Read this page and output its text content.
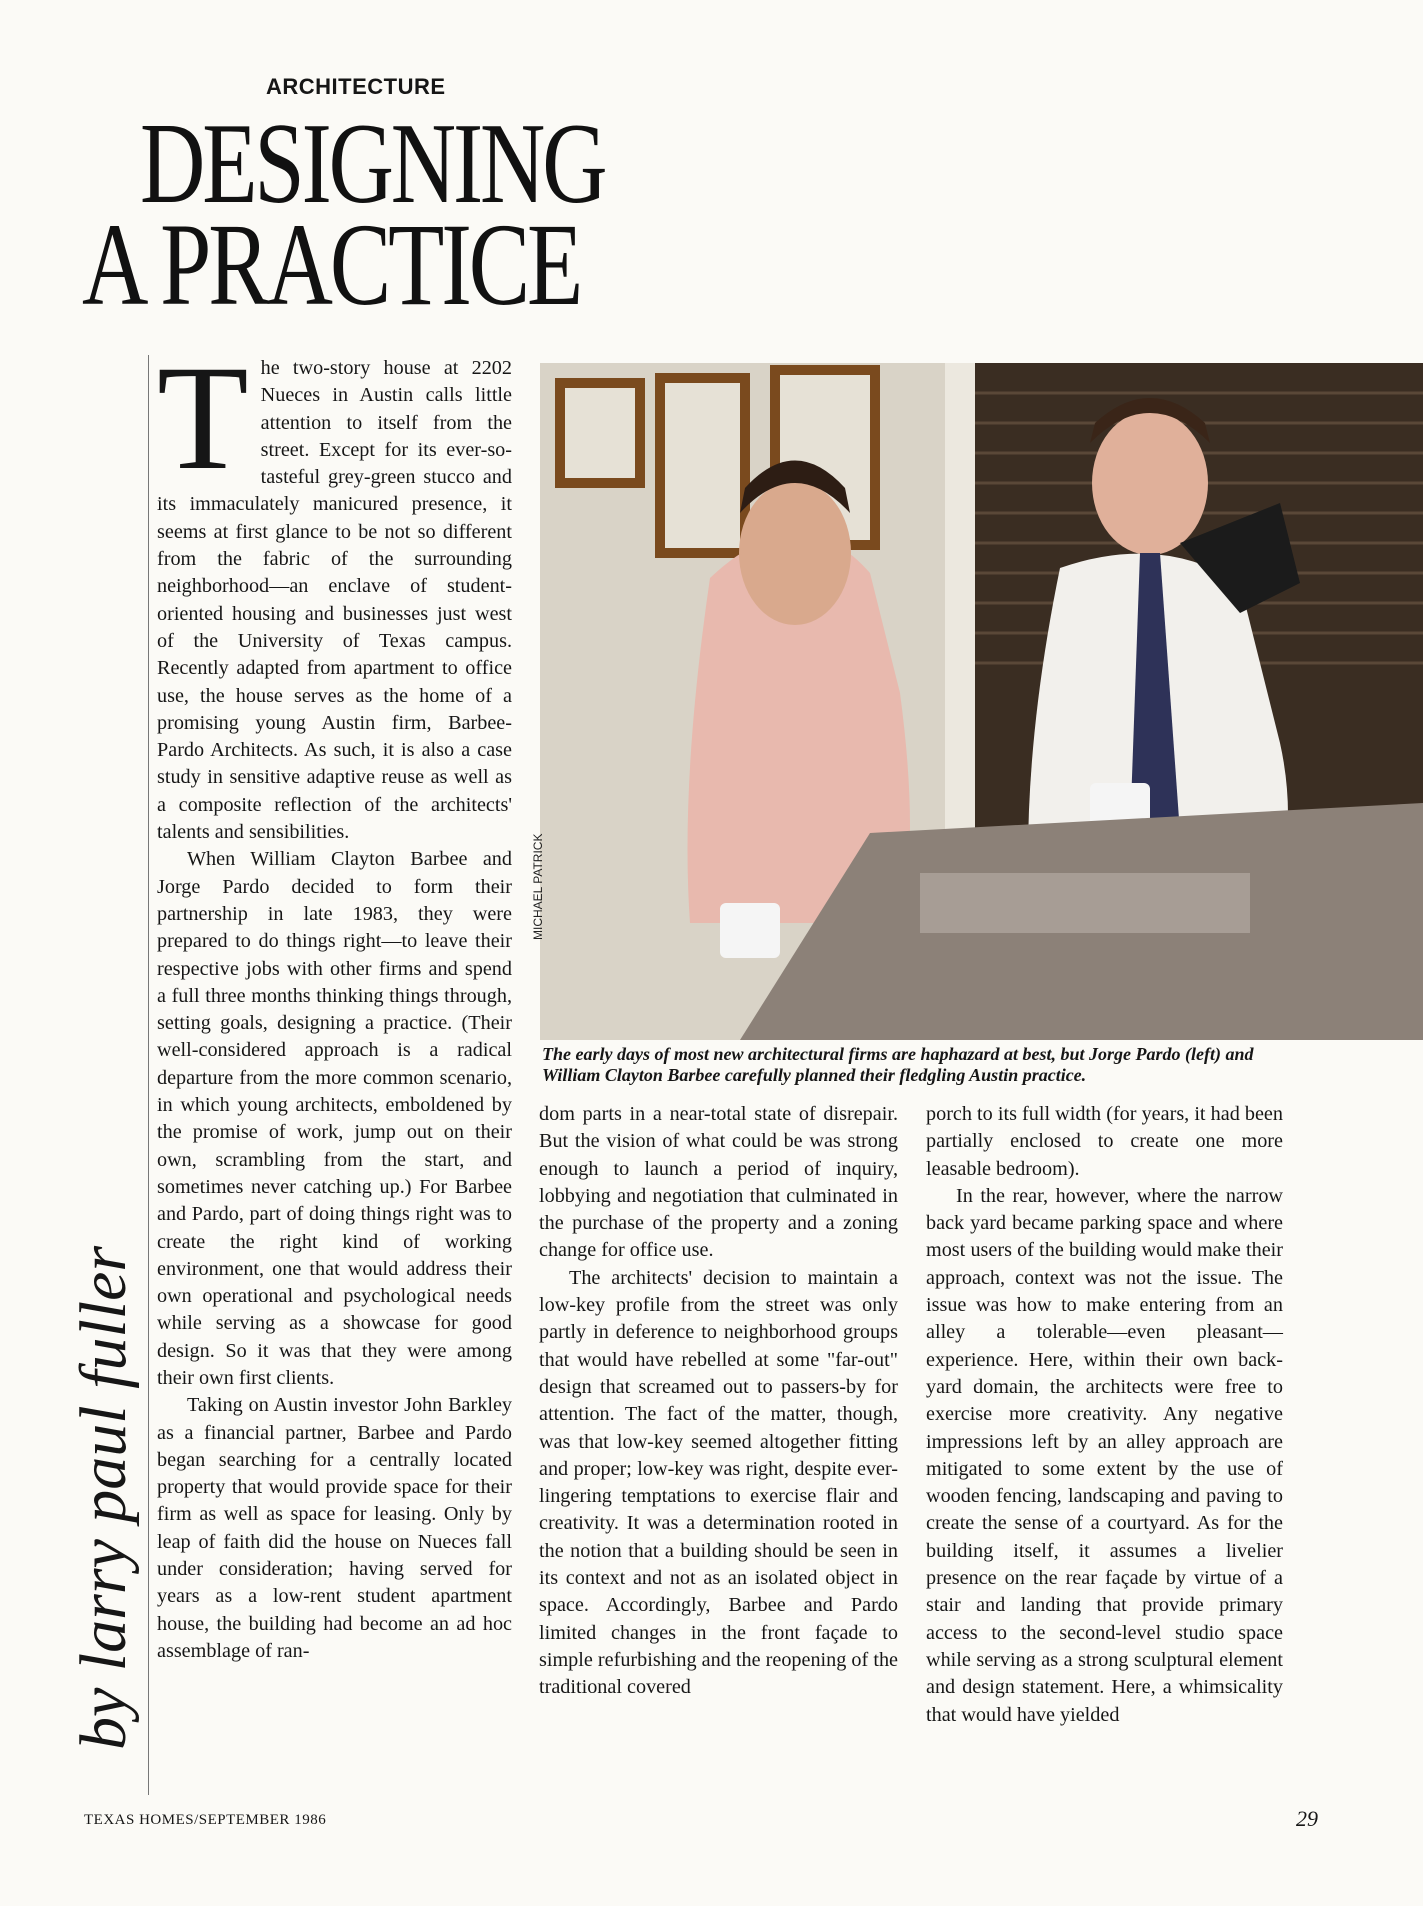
ARCHITECTURE
DESIGNING
A PRACTICE
by larry paul fuller

The two-story house at 2202 Nueces in Austin calls little attention to itself from the street. Except for its ever-so-tasteful grey-green stucco and its immaculately manicured presence, it seems at first glance to be not so different from the fabric of the surrounding neighborhood—an enclave of student-oriented housing and businesses just west of the University of Texas campus. Recently adapted from apartment to office use, the house serves as the home of a promising young Austin firm, Barbee-Pardo Architects. As such, it is also a case study in sensitive adaptive reuse as well as a composite reflection of the architects' talents and sensibilities.

When William Clayton Barbee and Jorge Pardo decided to form their partnership in late 1983, they were prepared to do things right—to leave their respective jobs with other firms and spend a full three months thinking things through, setting goals, designing a practice. (Their well-considered approach is a radical departure from the more common scenario, in which young architects, emboldened by the promise of work, jump out on their own, scrambling from the start, and sometimes never catching up.) For Barbee and Pardo, part of doing things right was to create the right kind of working environment, one that would address their own operational and psychological needs while serving as a showcase for good design. So it was that they were among their own first clients.

Taking on Austin investor John Barkley as a financial partner, Barbee and Pardo began searching for a centrally located property that would provide space for their firm as well as space for leasing. Only by leap of faith did the house on Nueces fall under consideration; having served for years as a low-rent student apartment house, the building had become an ad hoc assemblage of ran-

MICHAEL PATRICK
The early days of most new architectural firms are haphazard at best, but Jorge Pardo (left) and William Clayton Barbee carefully planned their fledgling Austin practice.

dom parts in a near-total state of disrepair. But the vision of what could be was strong enough to launch a period of inquiry, lobbying and negotiation that culminated in the purchase of the property and a zoning change for office use.

The architects' decision to maintain a low-key profile from the street was only partly in deference to neighborhood groups that would have rebelled at some "far-out" design that screamed out to passers-by for attention. The fact of the matter, though, was that low-key seemed altogether fitting and proper; low-key was right, despite ever-lingering temptations to exercise flair and creativity. It was a determination rooted in the notion that a building should be seen in its context and not as an isolated object in space. Accordingly, Barbee and Pardo limited changes in the front façade to simple refurbishing and the reopening of the traditional covered

porch to its full width (for years, it had been partially enclosed to create one more leasable bedroom).

In the rear, however, where the narrow back yard became parking space and where most users of the building would make their approach, context was not the issue. The issue was how to make entering from an alley a tolerable—even pleasant—experience. Here, within their own back-yard domain, the architects were free to exercise more creativity. Any negative impressions left by an alley approach are mitigated to some extent by the use of wooden fencing, landscaping and paving to create the sense of a courtyard. As for the building itself, it assumes a livelier presence on the rear façade by virtue of a stair and landing that provide primary access to the second-level studio space while serving as a strong sculptural element and design statement. Here, a whimsicality that would have yielded

TEXAS HOMES/SEPTEMBER 1986	29
